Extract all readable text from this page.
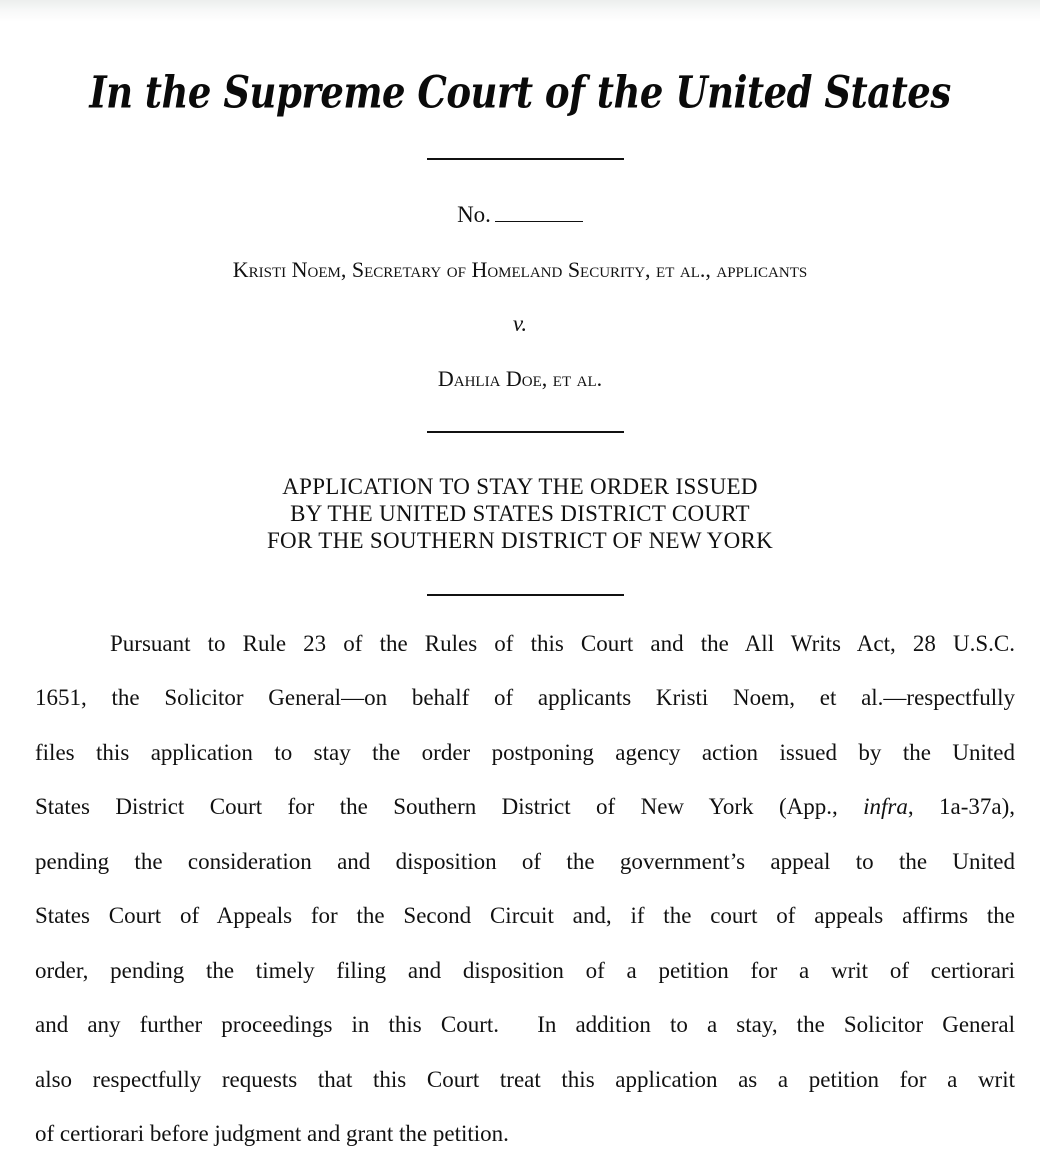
In the Supreme Court of the United States
No.
Kristi Noem, Secretary of Homeland Security, et al., applicants
v.
Dahlia Doe, et al.
APPLICATION TO STAY THE ORDER ISSUED
BY THE UNITED STATES DISTRICT COURT
FOR THE SOUTHERN DISTRICT OF NEW YORK
Pursuant to Rule 23 of the Rules of this Court and the All Writs Act, 28 U.S.C.
1651, the Solicitor General—on behalf of applicants Kristi Noem, et al.—respectfully
files this application to stay the order postponing agency action issued by the United
States District Court for the Southern District of New York (App., infra, 1a-37a),
pending the consideration and disposition of the government’s appeal to the United
States Court of Appeals for the Second Circuit and, if the court of appeals affirms the
order, pending the timely filing and disposition of a petition for a writ of certiorari
and any further proceedings in this Court.  In addition to a stay, the Solicitor General
also respectfully requests that this Court treat this application as a petition for a writ
of certiorari before judgment and grant the petition.
